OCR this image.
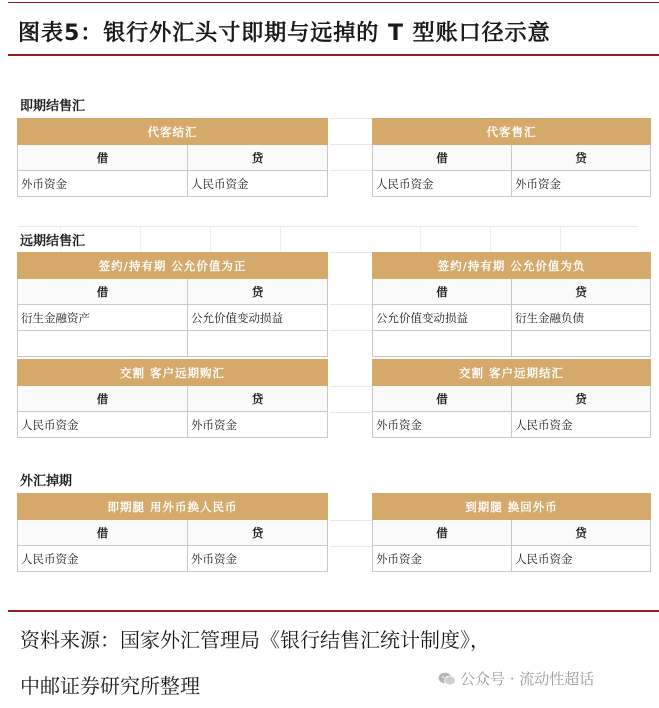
图表5：银行外汇头寸即期与远掉的 T 型账口径示意
即期结售汇
代客结汇	
借	贷
外币资金	人民币资金
代客售汇	
借	贷
人民币资金	外币资金
远期结售汇
签约/持有期 公允价值为正	
借	贷
衍生金融资产	公允价值变动损益

签约/持有期 公允价值为负	
借	贷
公允价值变动损益	衍生金融负债

交割 客户远期购汇	
借	贷
人民币资金	外币资金
交割 客户远期结汇	
借	贷
外币资金	人民币资金
外汇掉期
即期腿 用外币换人民币	
借	贷
人民币资金	外币资金
到期腿 换回外币	
借	贷
外币资金	人民币资金
资料来源：国家外汇管理局《银行结售汇统计制度》，
中邮证券研究所整理	公众号 · 流动性超话
